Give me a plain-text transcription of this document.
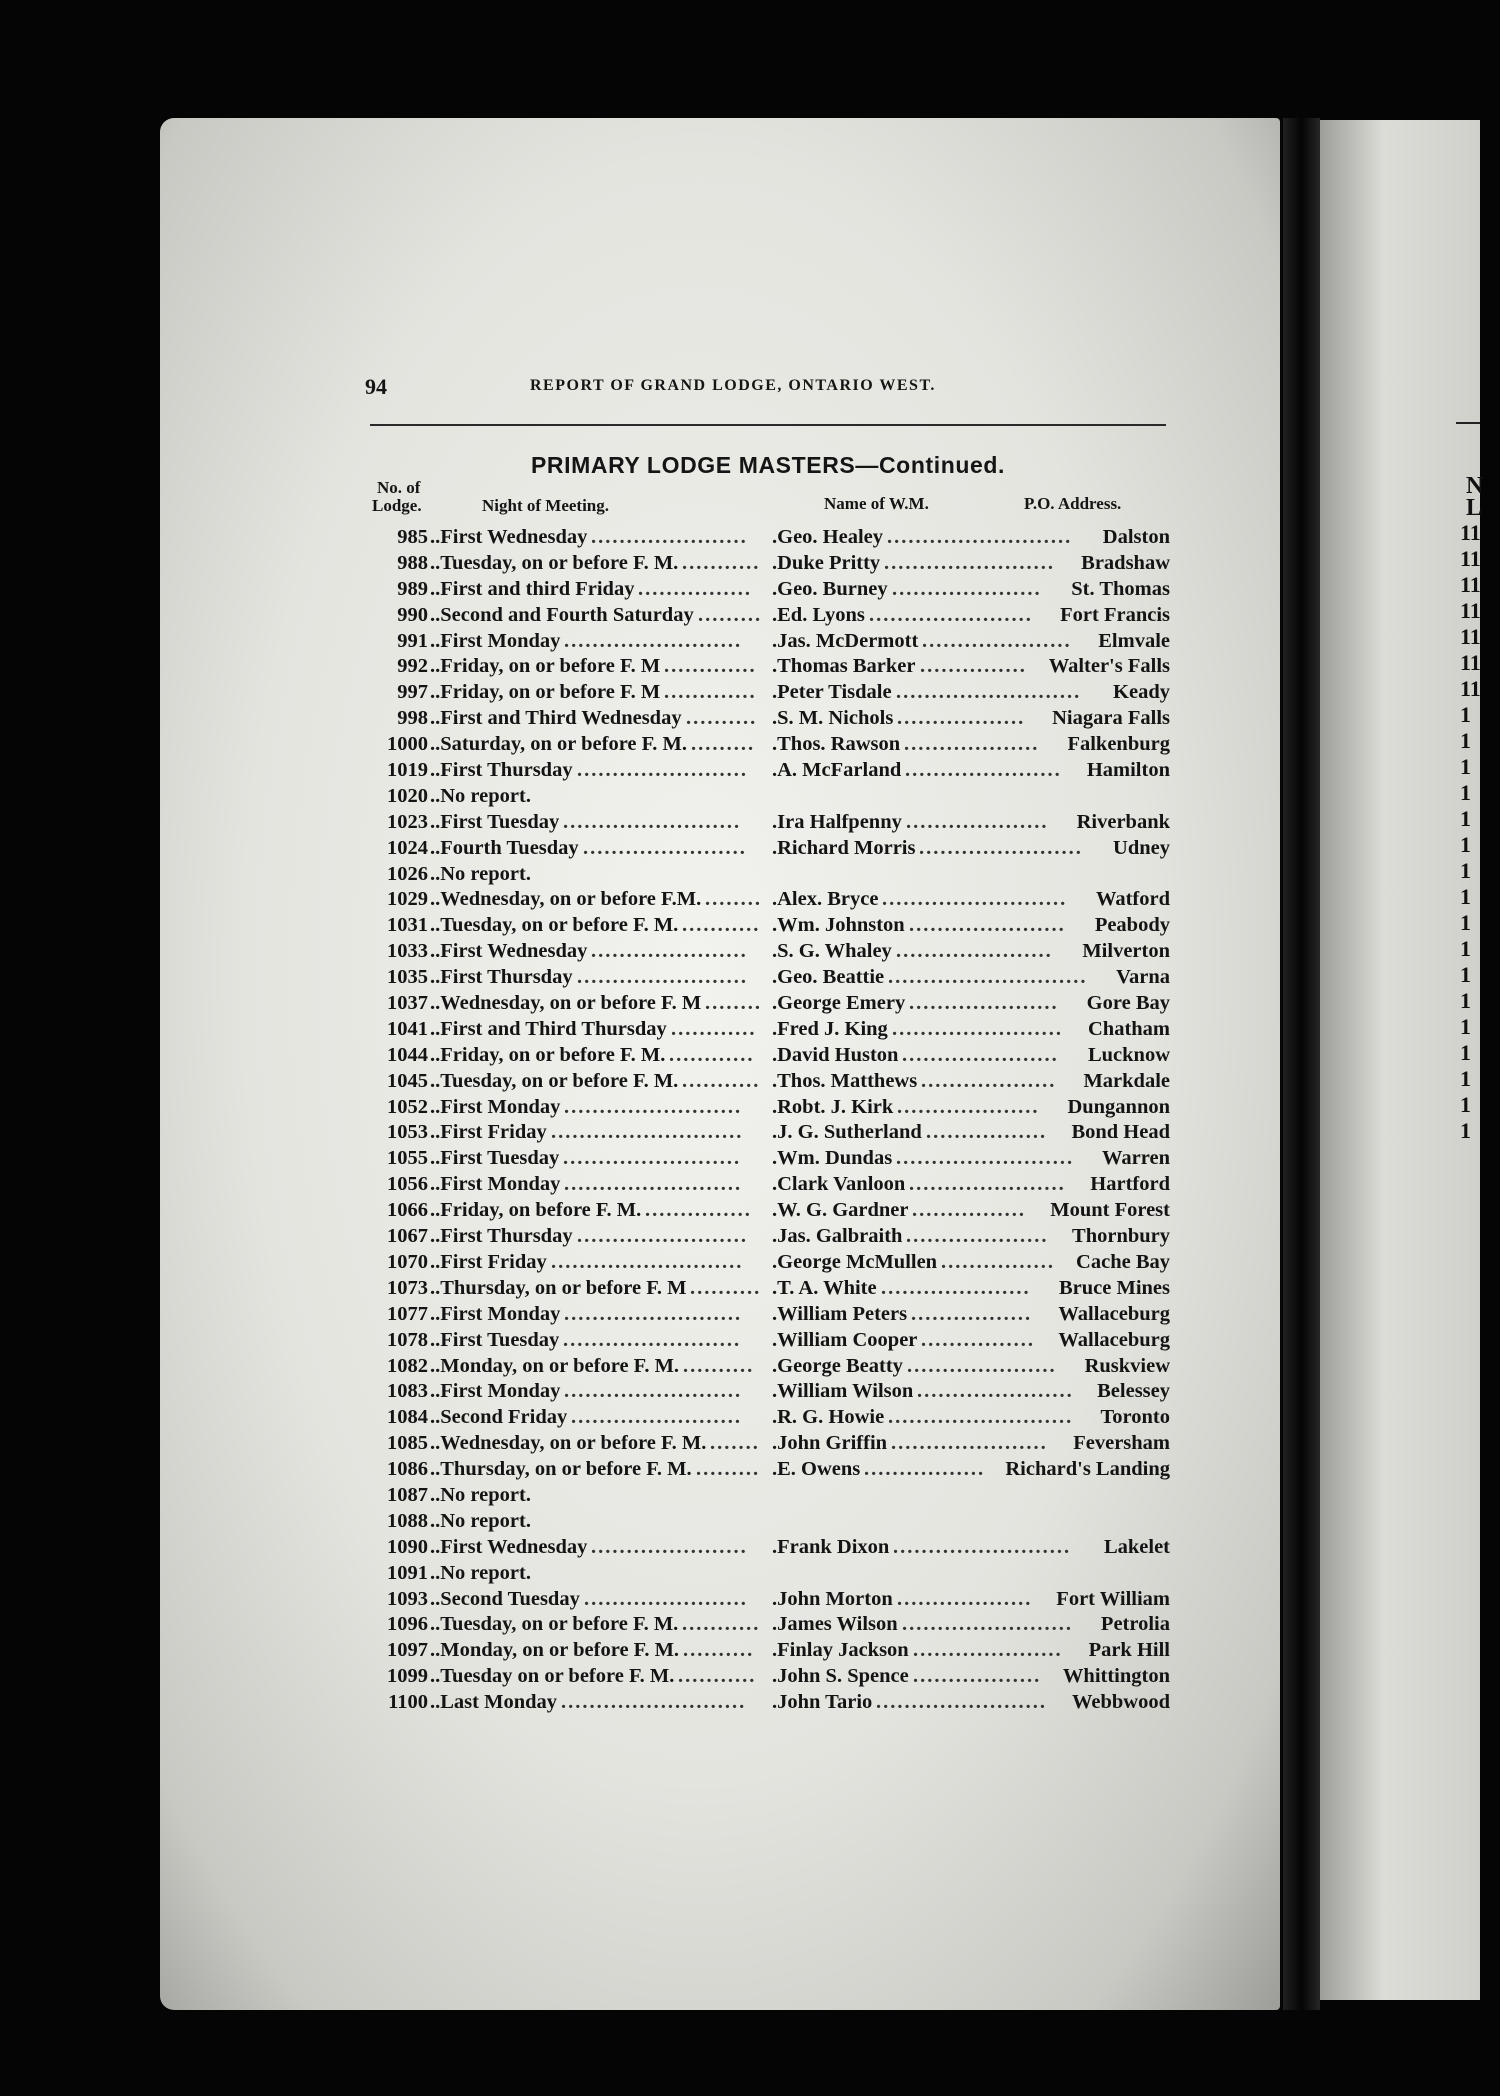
N
L
11
11
11
11
11
11
11
1
1
1
1
1
1
1
1
1
1
1
1
1
1
1
1
1
94	REPORT OF GRAND LODGE, ONTARIO WEST.
PRIMARY LODGE MASTERS—Continued.
No. of
Lodge.	Night of Meeting.	Name of W.M.	P.O. Address.
985 ..First Wednesday ......................	.Geo. Healey ..........................	Dalston
988 ..Tuesday, on or before F. M. ........... .Duke Pritty ........................	Bradshaw
989 ..First and third Friday ................ .Geo. Burney .....................	St. Thomas
990 ..Second and Fourth Saturday ......... .Ed. Lyons .......................	Fort Francis
991 ..First Monday .........................	.Jas. McDermott .....................	Elmvale
992 ..Friday, on or before F. M ............. .Thomas Barker ...............	Walter's Falls
997 ..Friday, on or before F. M ............. .Peter Tisdale ..........................	Keady
998 ..First and Third Wednesday .......... .S. M. Nichols ..................	Niagara Falls
1000 ..Saturday, on or before F. M. ......... .Thos. Rawson ...................	Falkenburg
1019 ..First Thursday ........................	.A. McFarland ......................	Hamilton
1020 ..No report.
1023 ..First Tuesday .........................	.Ira Halfpenny ....................	Riverbank
1024 ..Fourth Tuesday .......................	.Richard Morris .......................	Udney
1026 ..No report.
1029 ..Wednesday, on or before F.M. ........ .Alex. Bryce ..........................	Watford
1031 ..Tuesday, on or before F. M. ........... .Wm. Johnston ......................	Peabody
1033 ..First Wednesday ......................	.S. G. Whaley ......................	Milverton
1035 ..First Thursday ........................	.Geo. Beattie ............................	Varna
1037 ..Wednesday, on or before F. M ........ .George Emery .....................	Gore Bay
1041 ..First and Third Thursday ............ .Fred J. King ........................	Chatham
1044 ..Friday, on or before F. M. ............ .David Huston ......................	Lucknow
1045 ..Tuesday, on or before F. M. ........... .Thos. Matthews ...................	Markdale
1052 ..First Monday .........................	.Robt. J. Kirk ....................	Dungannon
1053 ..First Friday ...........................	.J. G. Sutherland .................	Bond Head
1055 ..First Tuesday .........................	.Wm. Dundas .........................	Warren
1056 ..First Monday .........................	.Clark Vanloon ......................	Hartford
1066 ..Friday, on before F. M. ............... .W. G. Gardner ................	Mount Forest
1067 ..First Thursday ........................	.Jas. Galbraith ....................	Thornbury
1070 ..First Friday ...........................	.George McMullen ................	Cache Bay
1073 ..Thursday, on or before F. M .......... .T. A. White .....................	Bruce Mines
1077 ..First Monday .........................	.William Peters .................	Wallaceburg
1078 ..First Tuesday .........................	.William Cooper ................	Wallaceburg
1082 ..Monday, on or before F. M. .......... .George Beatty .....................	Ruskview
1083 ..First Monday .........................	.William Wilson ......................	Belessey
1084 ..Second Friday ........................	.R. G. Howie ..........................	Toronto
1085 ..Wednesday, on or before F. M. ....... .John Griffin ......................	Feversham
1086 ..Thursday, on or before F. M. ......... .E. Owens ................. Richard's Landing
1087 ..No report.
1088 ..No report.
1090 ..First Wednesday ......................	.Frank Dixon .........................	Lakelet
1091 ..No report.
1093 ..Second Tuesday .......................	.John Morton ...................	Fort William
1096 ..Tuesday, on or before F. M. ........... .James Wilson ........................	Petrolia
1097 ..Monday, on or before F. M. .......... .Finlay Jackson .....................	Park Hill
1099 ..Tuesday on or before F. M. ........... .John S. Spence ..................	Whittington
1100 ..Last Monday ..........................	.John Tario ........................	Webbwood
